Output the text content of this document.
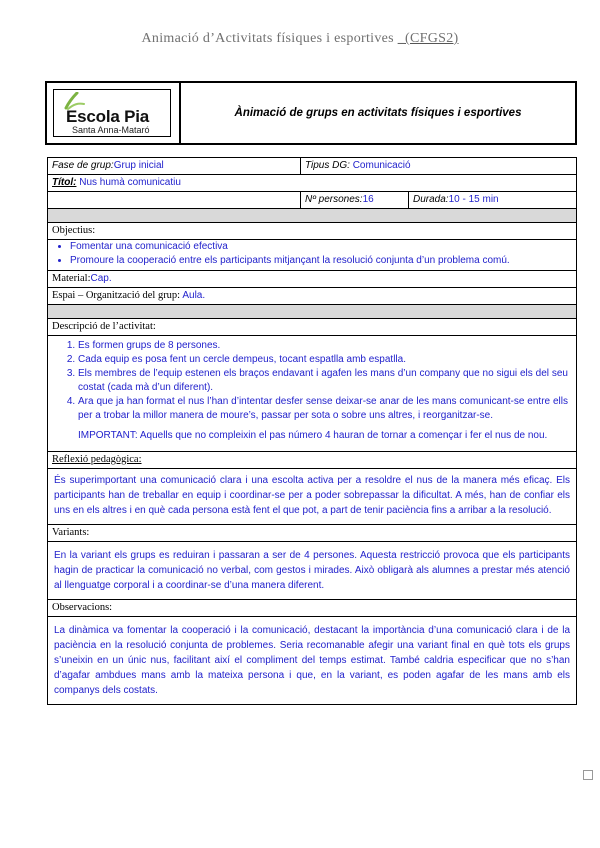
Animació d’Activitats físiques i esportives _(CFGS2)
Escola Pia
Santa Anna-Mataró
Ànimació de grups en activitats físiques i esportives
Fase de grup:Grup inicial	Tipus DG: Comunicació
Títol: Nus humà comunicatiu
Nº persones:16	Durada:10 - 15 min
Objectius:
• Fomentar una comunicació efectiva
• Promoure la cooperació entre els participants mitjançant la resolució conjunta d’un problema comú.
Material:Cap.
Espai – Organització del grup: Aula.
Descripció de l’activitat:
1. Es formen grups de 8 persones.
2. Cada equip es posa fent un cercle dempeus, tocant espatlla amb espatlla.
3. Els membres de l’equip estenen els braços endavant i agafen les mans d’un company que no sigui els del seu costat (cada mà d’un diferent).
4. Ara que ja han format el nus l’han d’intentar desfer sense deixar-se anar de les mans comunicant-se entre ells per a trobar la millor manera de moure’s, passar per sota o sobre uns altres, i reorganitzar-se.
IMPORTANT: Aquells que no compleixin el pas número 4 hauran de tornar a començar i fer el nus de nou.
Reflexió pedagògica:
És superimportant una comunicació clara i una escolta activa per a resoldre el nus de la manera més eficaç. Els participants han de treballar en equip i coordinar-se per a poder sobrepassar la dificultat. A més, han de confiar els uns en els altres i en què cada persona està fent el que pot, a part de tenir paciència fins a arribar a la resolució.
Variants:
En la variant els grups es reduiran i passaran a ser de 4 persones. Aquesta restricció provoca que els participants hagin de practicar la comunicació no verbal, com gestos i mirades. Això obligarà als alumnes a prestar més atenció al llenguatge corporal i a coordinar-se d’una manera diferent.
Observacions:
La dinàmica va fomentar la cooperació i la comunicació, destacant la importància d’una comunicació clara i de la paciència en la resolució conjunta de problemes. Seria recomanable afegir una variant final en què tots els grups s’uneixin en un únic nus, facilitant així el compliment del temps estimat. També caldria especificar que no s’han d’agafar ambdues mans amb la mateixa persona i que, en la variant, es poden agafar de les mans amb els companys dels costats.
